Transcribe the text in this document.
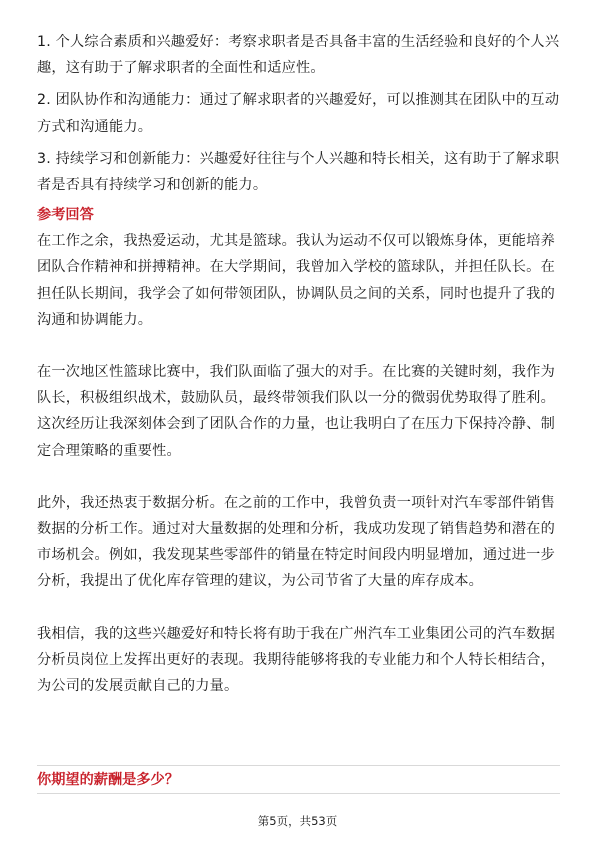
1. 个人综合素质和兴趣爱好：考察求职者是否具备丰富的生活经验和良好的个人兴趣，这有助于了解求职者的全面性和适应性。

2. 团队协作和沟通能力：通过了解求职者的兴趣爱好，可以推测其在团队中的互动方式和沟通能力。

3. 持续学习和创新能力：兴趣爱好往往与个人兴趣和特长相关，这有助于了解求职者是否具有持续学习和创新的能力。

参考回答

在工作之余，我热爱运动，尤其是篮球。我认为运动不仅可以锻炼身体，更能培养团队合作精神和拼搏精神。在大学期间，我曾加入学校的篮球队，并担任队长。在担任队长期间，我学会了如何带领团队，协调队员之间的关系，同时也提升了我的沟通和协调能力。

在一次地区性篮球比赛中，我们队面临了强大的对手。在比赛的关键时刻，我作为队长，积极组织战术，鼓励队员，最终带领我们队以一分的微弱优势取得了胜利。这次经历让我深刻体会到了团队合作的力量，也让我明白了在压力下保持冷静、制定合理策略的重要性。

此外，我还热衷于数据分析。在之前的工作中，我曾负责一项针对汽车零部件销售数据的分析工作。通过对大量数据的处理和分析，我成功发现了销售趋势和潜在的市场机会。例如，我发现某些零部件的销量在特定时间段内明显增加，通过进一步分析，我提出了优化库存管理的建议，为公司节省了大量的库存成本。

我相信，我的这些兴趣爱好和特长将有助于我在广州汽车工业集团公司的汽车数据分析员岗位上发挥出更好的表现。我期待能够将我的专业能力和个人特长相结合，为公司的发展贡献自己的力量。

你期望的薪酬是多少？

第5页，共53页
